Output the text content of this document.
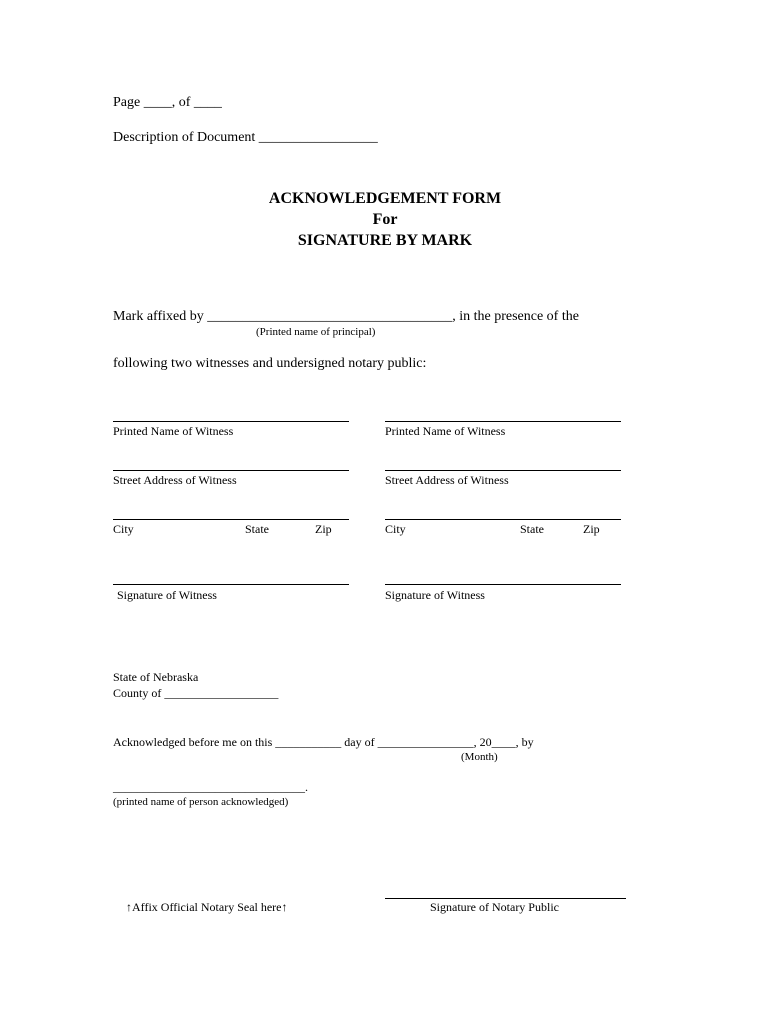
Page ____, of ____
Description of Document _________________
ACKNOWLEDGEMENT FORM
For
SIGNATURE BY MARK
Mark affixed by ___________________________________, in the presence of the
(Printed name of principal)
following two witnesses and undersigned notary public:
Printed Name of Witness
Street Address of Witness
City	State	Zip
Signature of Witness
Printed Name of Witness
Street Address of Witness
City	State	Zip
Signature of Witness
State of Nebraska
County of ___________________
Acknowledged before me on this ___________ day of ________________, 20____, by
(Month)
________________________________.
(printed name of person acknowledged)
↑Affix Official Notary Seal here↑	Signature of Notary Public
